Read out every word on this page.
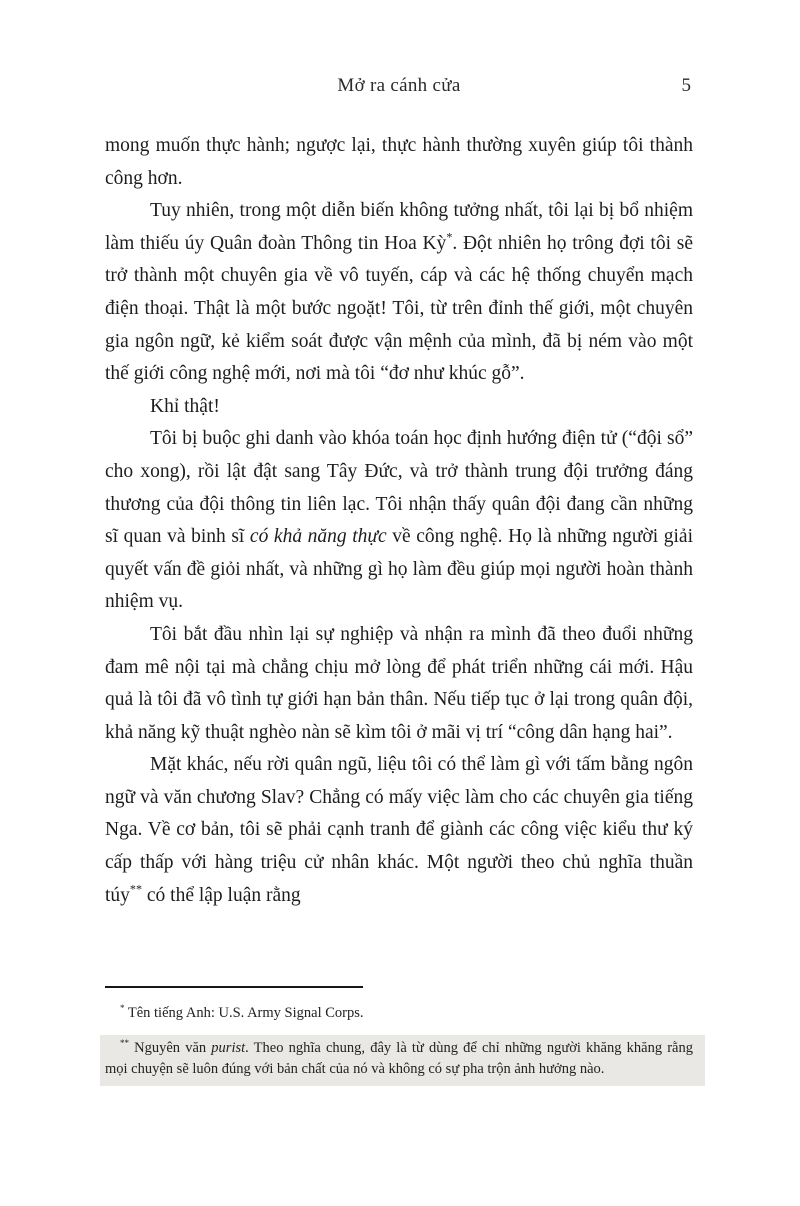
Mở ra cánh cửa	5

mong muốn thực hành; ngược lại, thực hành thường xuyên giúp tôi thành công hơn.

Tuy nhiên, trong một diễn biến không tưởng nhất, tôi lại bị bổ nhiệm làm thiếu úy Quân đoàn Thông tin Hoa Kỳ*. Đột nhiên họ trông đợi tôi sẽ trở thành một chuyên gia về vô tuyến, cáp và các hệ thống chuyển mạch điện thoại. Thật là một bước ngoặt! Tôi, từ trên đỉnh thế giới, một chuyên gia ngôn ngữ, kẻ kiểm soát được vận mệnh của mình, đã bị ném vào một thế giới công nghệ mới, nơi mà tôi “đơ như khúc gỗ”.

Khỉ thật!

Tôi bị buộc ghi danh vào khóa toán học định hướng điện tử (“đội sổ” cho xong), rồi lật đật sang Tây Đức, và trở thành trung đội trưởng đáng thương của đội thông tin liên lạc. Tôi nhận thấy quân đội đang cần những sĩ quan và binh sĩ có khả năng thực về công nghệ. Họ là những người giải quyết vấn đề giỏi nhất, và những gì họ làm đều giúp mọi người hoàn thành nhiệm vụ.

Tôi bắt đầu nhìn lại sự nghiệp và nhận ra mình đã theo đuổi những đam mê nội tại mà chẳng chịu mở lòng để phát triển những cái mới. Hậu quả là tôi đã vô tình tự giới hạn bản thân. Nếu tiếp tục ở lại trong quân đội, khả năng kỹ thuật nghèo nàn sẽ kìm tôi ở mãi vị trí “công dân hạng hai”.

Mặt khác, nếu rời quân ngũ, liệu tôi có thể làm gì với tấm bằng ngôn ngữ và văn chương Slav? Chẳng có mấy việc làm cho các chuyên gia tiếng Nga. Về cơ bản, tôi sẽ phải cạnh tranh để giành các công việc kiểu thư ký cấp thấp với hàng triệu cử nhân khác. Một người theo chủ nghĩa thuần túy** có thể lập luận rằng

* Tên tiếng Anh: U.S. Army Signal Corps.

** Nguyên văn purist. Theo nghĩa chung, đây là từ dùng để chỉ những người khăng khăng rằng mọi chuyện sẽ luôn đúng với bản chất của nó và không có sự pha trộn ảnh hưởng nào.
